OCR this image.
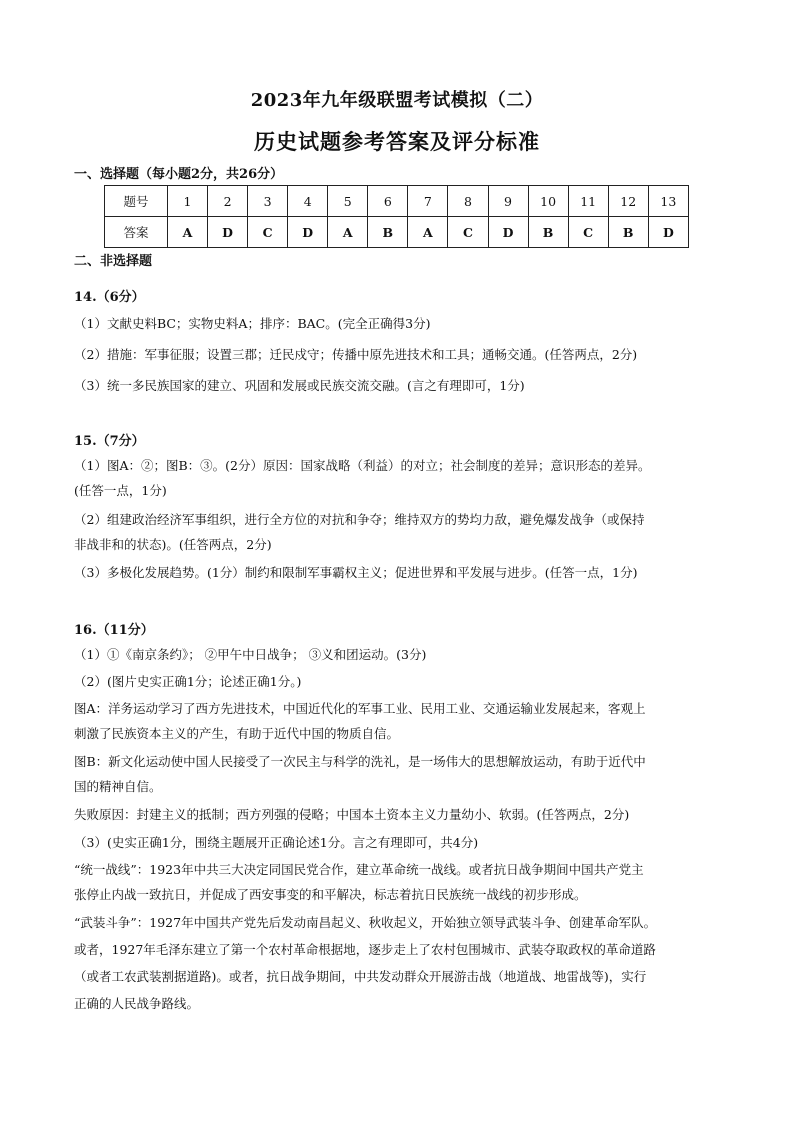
2023年九年级联盟考试模拟（二）
历史试题参考答案及评分标准
一、选择题（每小题2分，共26分）
题号	1	2	3	4	5	6	7	8	9	10	11	12	13
答案	A	D	C	D	A	B	A	C	D	B	C	B	D
二、非选择题
14.（6分）
（1）文献史料BC；实物史料A；排序：BAC。(完全正确得3分)
（2）措施：军事征服；设置三郡；迁民戍守；传播中原先进技术和工具；通畅交通。(任答两点，2分)
（3）统一多民族国家的建立、巩固和发展或民族交流交融。(言之有理即可，1分)
15.（7分）
（1）图A：②；图B：③。(2分）原因：国家战略（利益）的对立；社会制度的差异；意识形态的差异。
(任答一点，1分)
（2）组建政治经济军事组织，进行全方位的对抗和争夺；维持双方的势均力敌，避免爆发战争（或保持
非战非和的状态)。(任答两点，2分)
（3）多极化发展趋势。(1分）制约和限制军事霸权主义；促进世界和平发展与进步。(任答一点，1分)
16.（11分）
（1）①《南京条约》； ②甲午中日战争； ③义和团运动。(3分)
（2）(图片史实正确1分；论述正确1分。)
图A：洋务运动学习了西方先进技术，中国近代化的军事工业、民用工业、交通运输业发展起来，客观上
刺激了民族资本主义的产生，有助于近代中国的物质自信。
图B：新文化运动使中国人民接受了一次民主与科学的洗礼，是一场伟大的思想解放运动，有助于近代中
国的精神自信。
失败原因：封建主义的抵制；西方列强的侵略；中国本土资本主义力量幼小、软弱。(任答两点，2分)
（3）(史实正确1分，围绕主题展开正确论述1分。言之有理即可，共4分)
“统一战线”：1923年中共三大决定同国民党合作，建立革命统一战线。或者抗日战争期间中国共产党主
张停止内战一致抗日，并促成了西安事变的和平解决，标志着抗日民族统一战线的初步形成。
“武装斗争”：1927年中国共产党先后发动南昌起义、秋收起义，开始独立领导武装斗争、创建革命军队。
或者，1927年毛泽东建立了第一个农村革命根据地，逐步走上了农村包围城市、武装夺取政权的革命道路
（或者工农武装割据道路)。或者，抗日战争期间，中共发动群众开展游击战（地道战、地雷战等)，实行
正确的人民战争路线。
